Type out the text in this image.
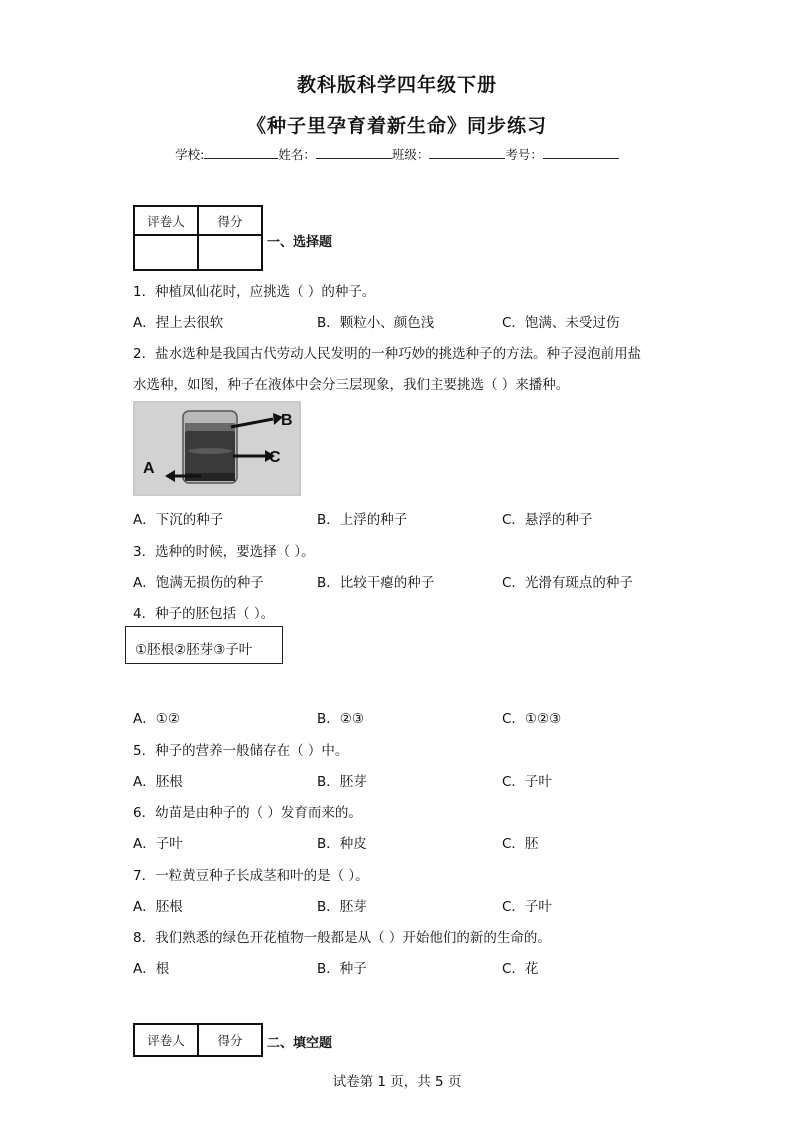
教科版科学四年级下册
《种子里孕育着新生命》同步练习
学校:	姓名：	班级：	考号：
评卷人	得分

一、选择题
1．种植凤仙花时，应挑选（ ）的种子。
A．捏上去很软	B．颗粒小、颜色浅	C．饱满、未受过伤
2．盐水选种是我国古代劳动人民发明的一种巧妙的挑选种子的方法。种子浸泡前用盐
水选种，如图，种子在液体中会分三层现象，我们主要挑选（ ）来播种。
B
C
A
A．下沉的种子	B．上浮的种子	C．悬浮的种子
3．选种的时候，要选择（ ）。
A．饱满无损伤的种子	B．比较干瘪的种子	C．光滑有斑点的种子
4．种子的胚包括（ ）。
①胚根②胚芽③子叶
A．①②	B．②③	C．①②③
5．种子的营养一般储存在（ ）中。
A．胚根	B．胚芽	C．子叶
6．幼苗是由种子的（ ）发育而来的。
A．子叶	B．种皮	C．胚
7．一粒黄豆种子长成茎和叶的是（ ）。
A．胚根	B．胚芽	C．子叶
8．我们熟悉的绿色开花植物一般都是从（ ）开始他们的新的生命的。
A．根	B．种子	C．花
评卷人	得分 二、填空题
试卷第 1 页，共 5 页
